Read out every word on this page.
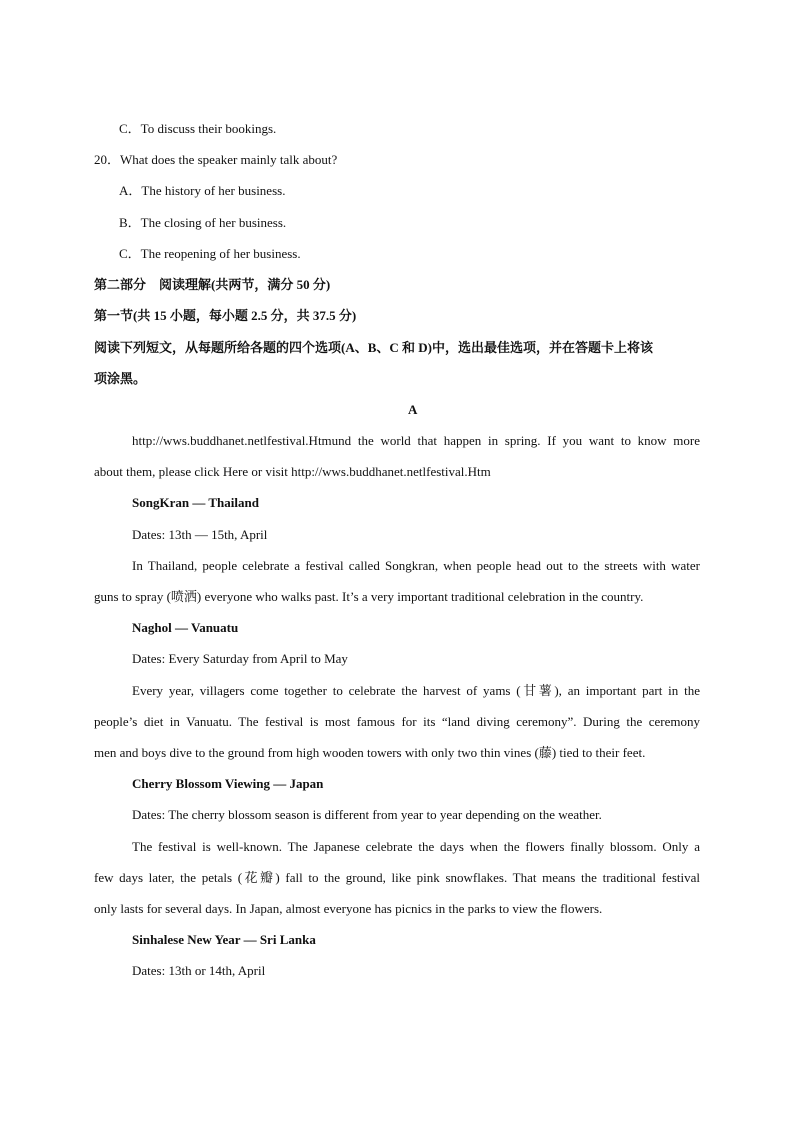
C．To discuss their bookings.
20．What does the speaker mainly talk about?
A．The history of her business.
B．The closing of her business.
C．The reopening of her business.
第二部分　阅读理解(共两节，满分 50 分)
第一节(共 15 小题，每小题 2.5 分，共 37.5 分)
阅读下列短文，从每题所给各题的四个选项(A、B、C 和 D)中，选出最佳选项，并在答题卡上将该
项涂黑。
A
http://wws.buddhanet.netlfestival.Htmund the world that happen in spring. If you want to know more
about them, please click Here or visit http://wws.buddhanet.netlfestival.Htm
SongKran — Thailand
Dates: 13th — 15th, April
In Thailand, people celebrate a festival called Songkran, when people head out to the streets with water
guns to spray (喷洒) everyone who walks past. It’s a very important traditional celebration in the country.
Naghol — Vanuatu
Dates: Every Saturday from April to May
Every year, villagers come together to celebrate the harvest of yams (甘薯), an important part in the
people’s diet in Vanuatu. The festival is most famous for its “land diving ceremony”. During the ceremony
men and boys dive to the ground from high wooden towers with only two thin vines (藤) tied to their feet.
Cherry Blossom Viewing — Japan
Dates: The cherry blossom season is different from year to year depending on the weather.
The festival is well-known. The Japanese celebrate the days when the flowers finally blossom. Only a
few days later, the petals (花瓣) fall to the ground, like pink snowflakes. That means the traditional festival
only lasts for several days. In Japan, almost everyone has picnics in the parks to view the flowers.
Sinhalese New Year — Sri Lanka
Dates: 13th or 14th, April
